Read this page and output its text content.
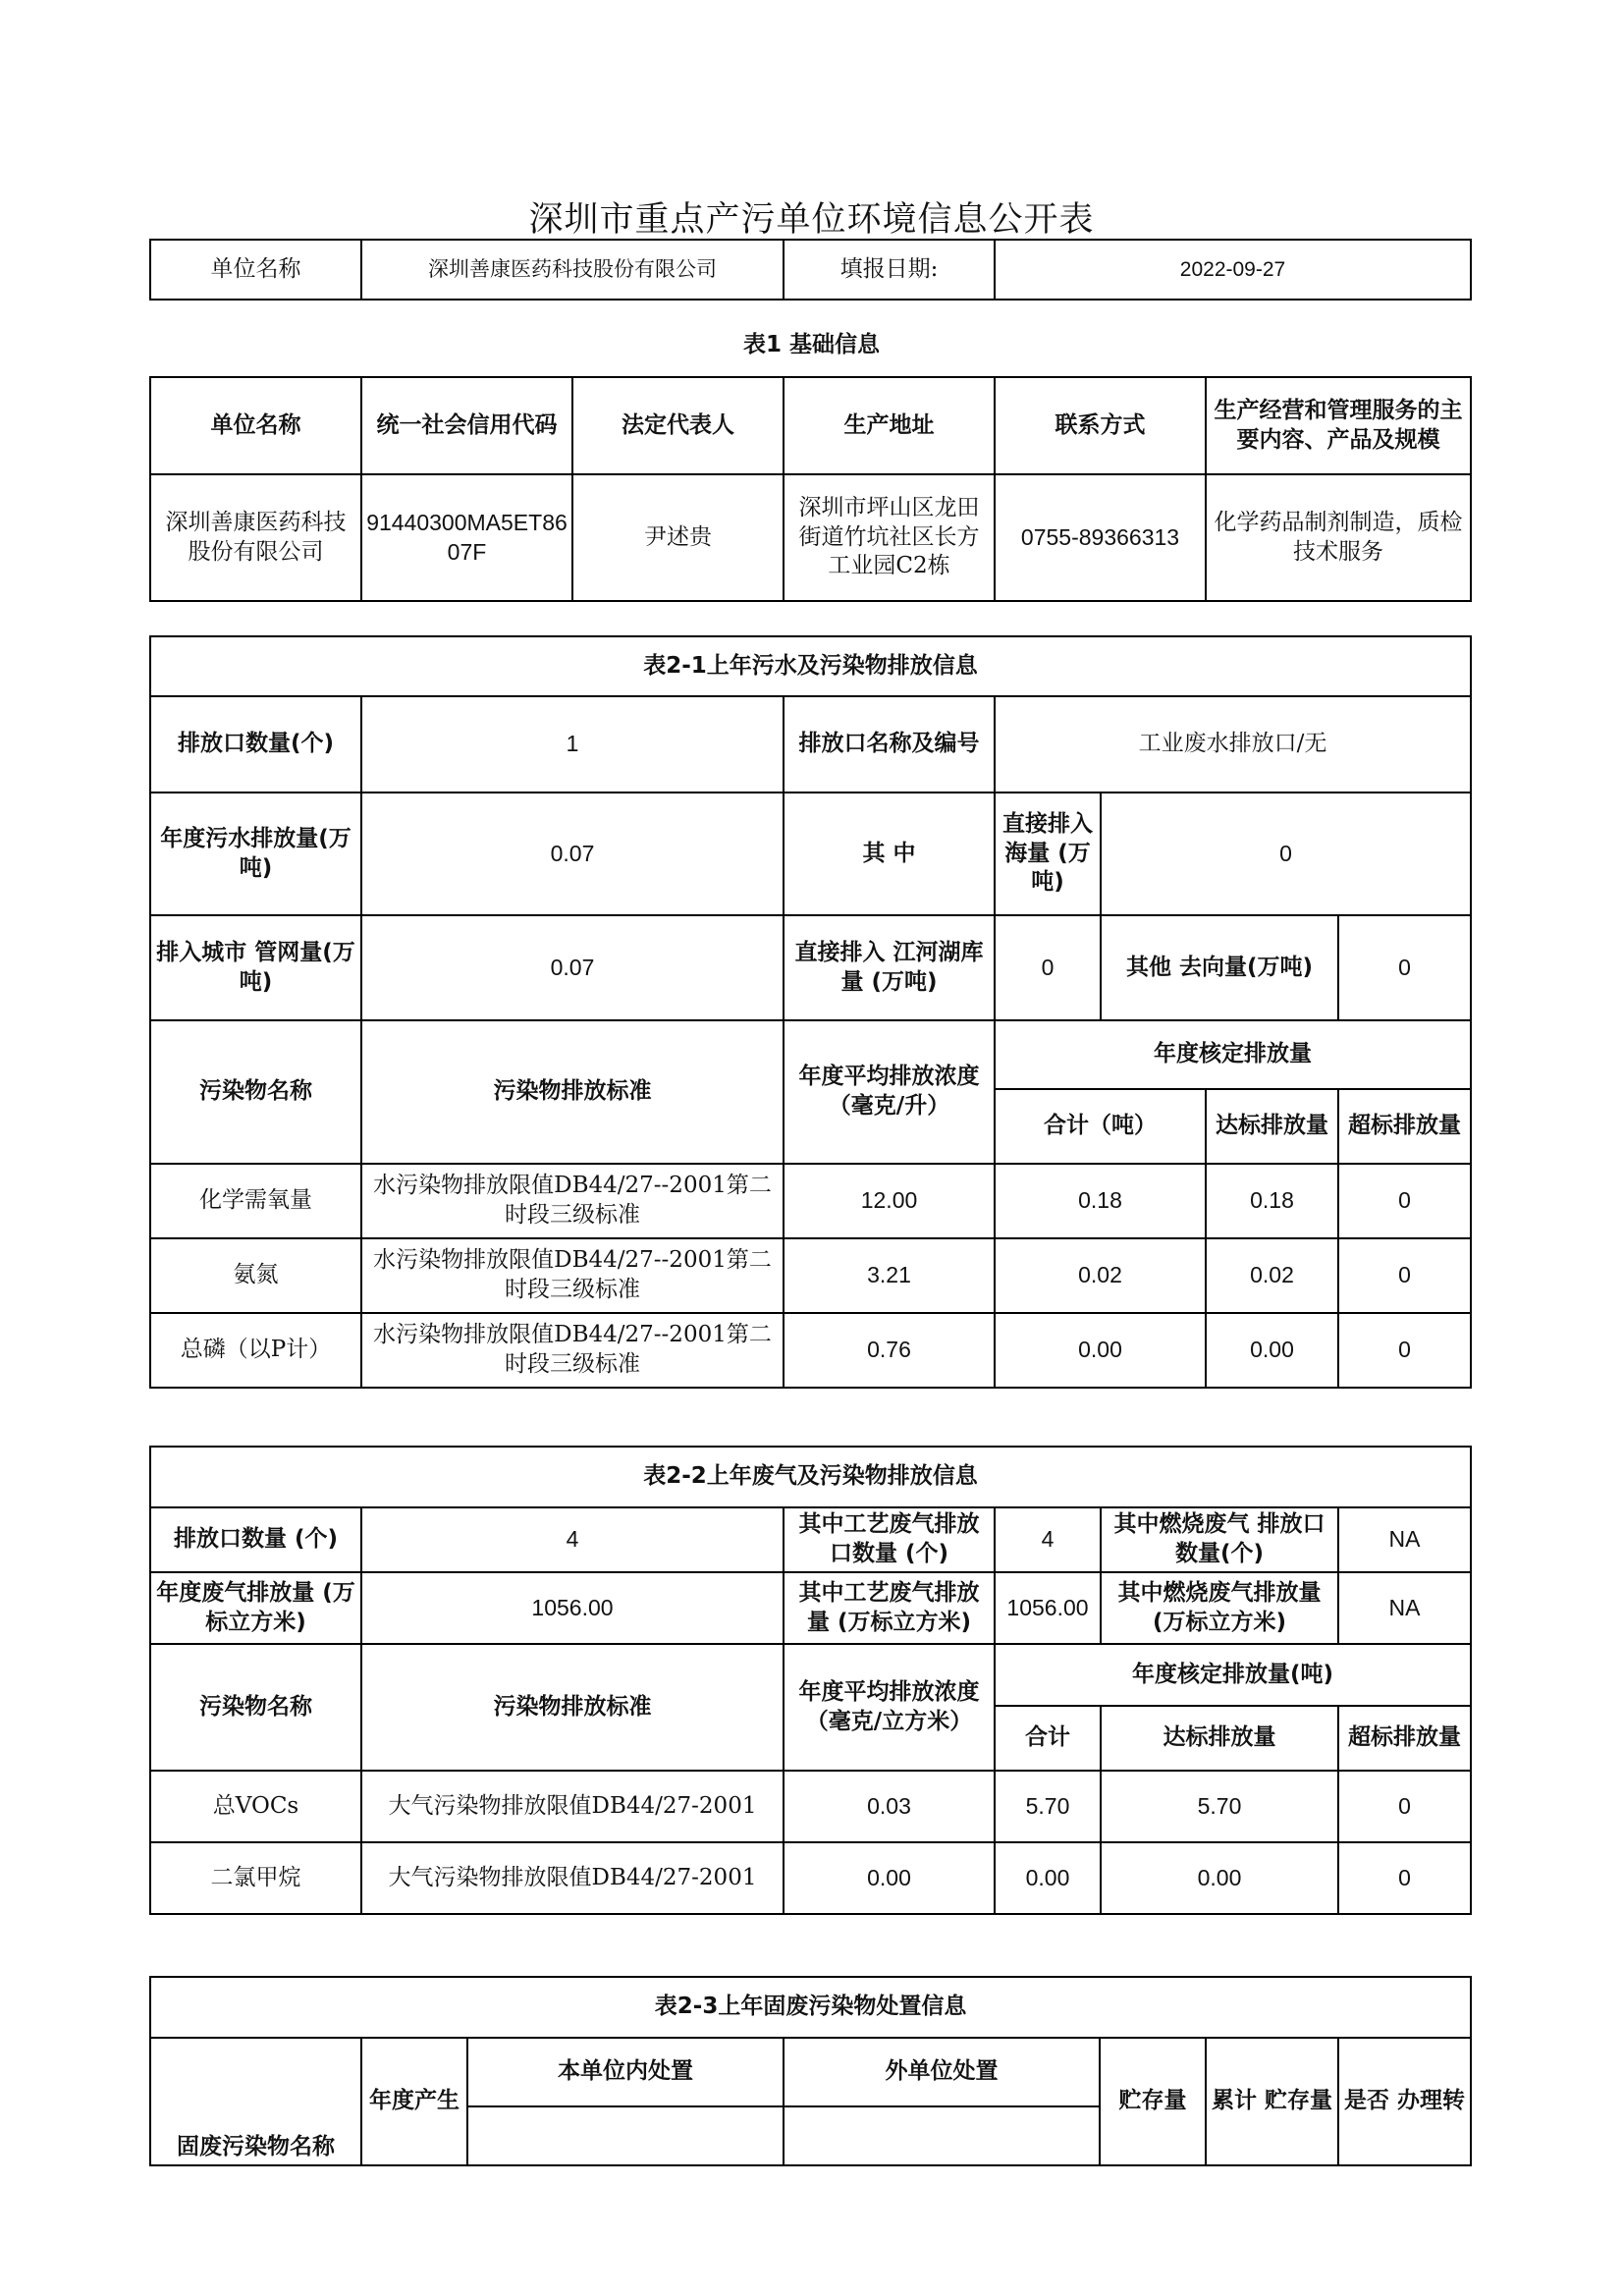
深圳市重点产污单位环境信息公开表
单位名称	深圳善康医药科技股份有限公司	填报日期:	2022-09-27
表1 基础信息
单位名称	统一社会信用代码	法定代表人	生产地址	联系方式	生产经营和管理服务的主要内容、产品及规模
深圳善康医药科技股份有限公司	91440300MA5ET8607F	尹述贵	深圳市坪山区龙田街道竹坑社区长方工业园C2栋	0755-89366313	化学药品制剂制造，质检技术服务
表2-1上年污水及污染物排放信息						
排放口数量(个)	1	排放口名称及编号	工业废水排放口/无			
年度污水排放量(万吨)	0.07	其 中	直接排入海量 (万吨)	0		
排入城市 管网量(万吨)	0.07	直接排入 江河湖库量 (万吨)	0	其他 去向量(万吨)		0
污染物名称	污染物排放标准	年度平均排放浓度（毫克/升）	年度核定排放量			
			合计（吨）		达标排放量	超标排放量
化学需氧量	水污染物排放限值DB44/27--2001第二时段三级标准	12.00	0.18		0.18	0
氨氮	水污染物排放限值DB44/27--2001第二时段三级标准	3.21	0.02		0.02	0
总磷（以P计）	水污染物排放限值DB44/27--2001第二时段三级标准	0.76	0.00		0.00	0
表2-2上年废气及污染物排放信息					
排放口数量 (个)	4	其中工艺废气排放口数量 (个)	4	其中燃烧废气 排放口数量(个)	NA
年度废气排放量 (万标立方米)	1056.00	其中工艺废气排放量 (万标立方米)	1056.00	其中燃烧废气排放量(万标立方米)	NA
污染物名称	污染物排放标准	年度平均排放浓度（毫克/立方米）	年度核定排放量(吨)		
			合计	达标排放量	超标排放量
总VOCs	大气污染物排放限值DB44/27-2001	0.03	5.70	5.70	0
二氯甲烷	大气污染物排放限值DB44/27-2001	0.00	0.00	0.00	0
表2-3上年固废污染物处置信息						
固废污染物名称	年度产生	本单位内处置	外单位处置	贮存量	累计 贮存量	是否 办理转
